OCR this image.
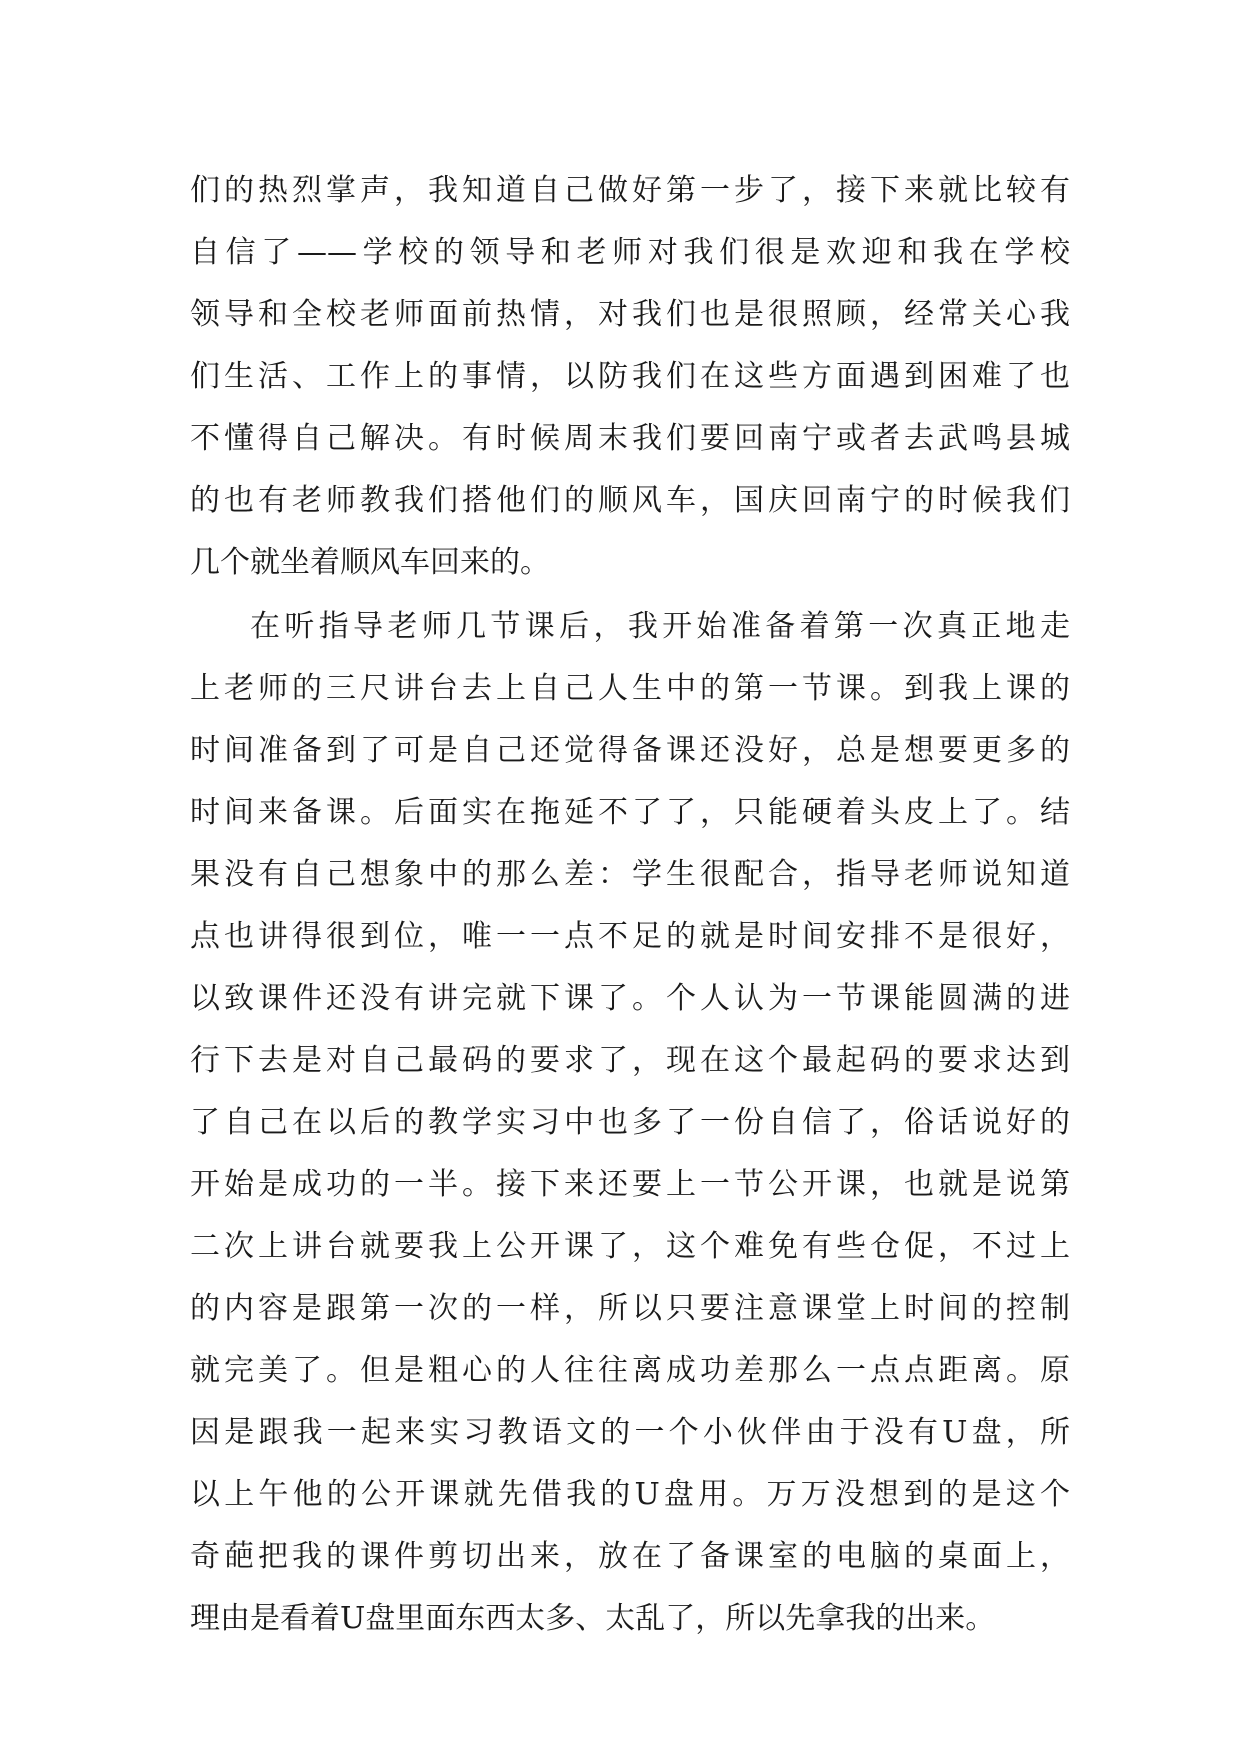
们的热烈掌声，我知道自己做好第一步了，接下来就比较有
自信了——学校的领导和老师对我们很是欢迎和我在学校
领导和全校老师面前热情，对我们也是很照顾，经常关心我
们生活、工作上的事情，以防我们在这些方面遇到困难了也
不懂得自己解决。有时候周末我们要回南宁或者去武鸣县城
的也有老师教我们搭他们的顺风车，国庆回南宁的时候我们
几个就坐着顺风车回来的。
在听指导老师几节课后，我开始准备着第一次真正地走
上老师的三尺讲台去上自己人生中的第一节课。到我上课的
时间准备到了可是自己还觉得备课还没好，总是想要更多的
时间来备课。后面实在拖延不了了，只能硬着头皮上了。结
果没有自己想象中的那么差：学生很配合，指导老师说知道
点也讲得很到位，唯一一点不足的就是时间安排不是很好，
以致课件还没有讲完就下课了。个人认为一节课能圆满的进
行下去是对自己最码的要求了，现在这个最起码的要求达到
了自己在以后的教学实习中也多了一份自信了，俗话说好的
开始是成功的一半。接下来还要上一节公开课，也就是说第
二次上讲台就要我上公开课了，这个难免有些仓促，不过上
的内容是跟第一次的一样，所以只要注意课堂上时间的控制
就完美了。但是粗心的人往往离成功差那么一点点距离。原
因是跟我一起来实习教语文的一个小伙伴由于没有U盘，所
以上午他的公开课就先借我的U盘用。万万没想到的是这个
奇葩把我的课件剪切出来，放在了备课室的电脑的桌面上，
理由是看着U盘里面东西太多、太乱了，所以先拿我的出来。
